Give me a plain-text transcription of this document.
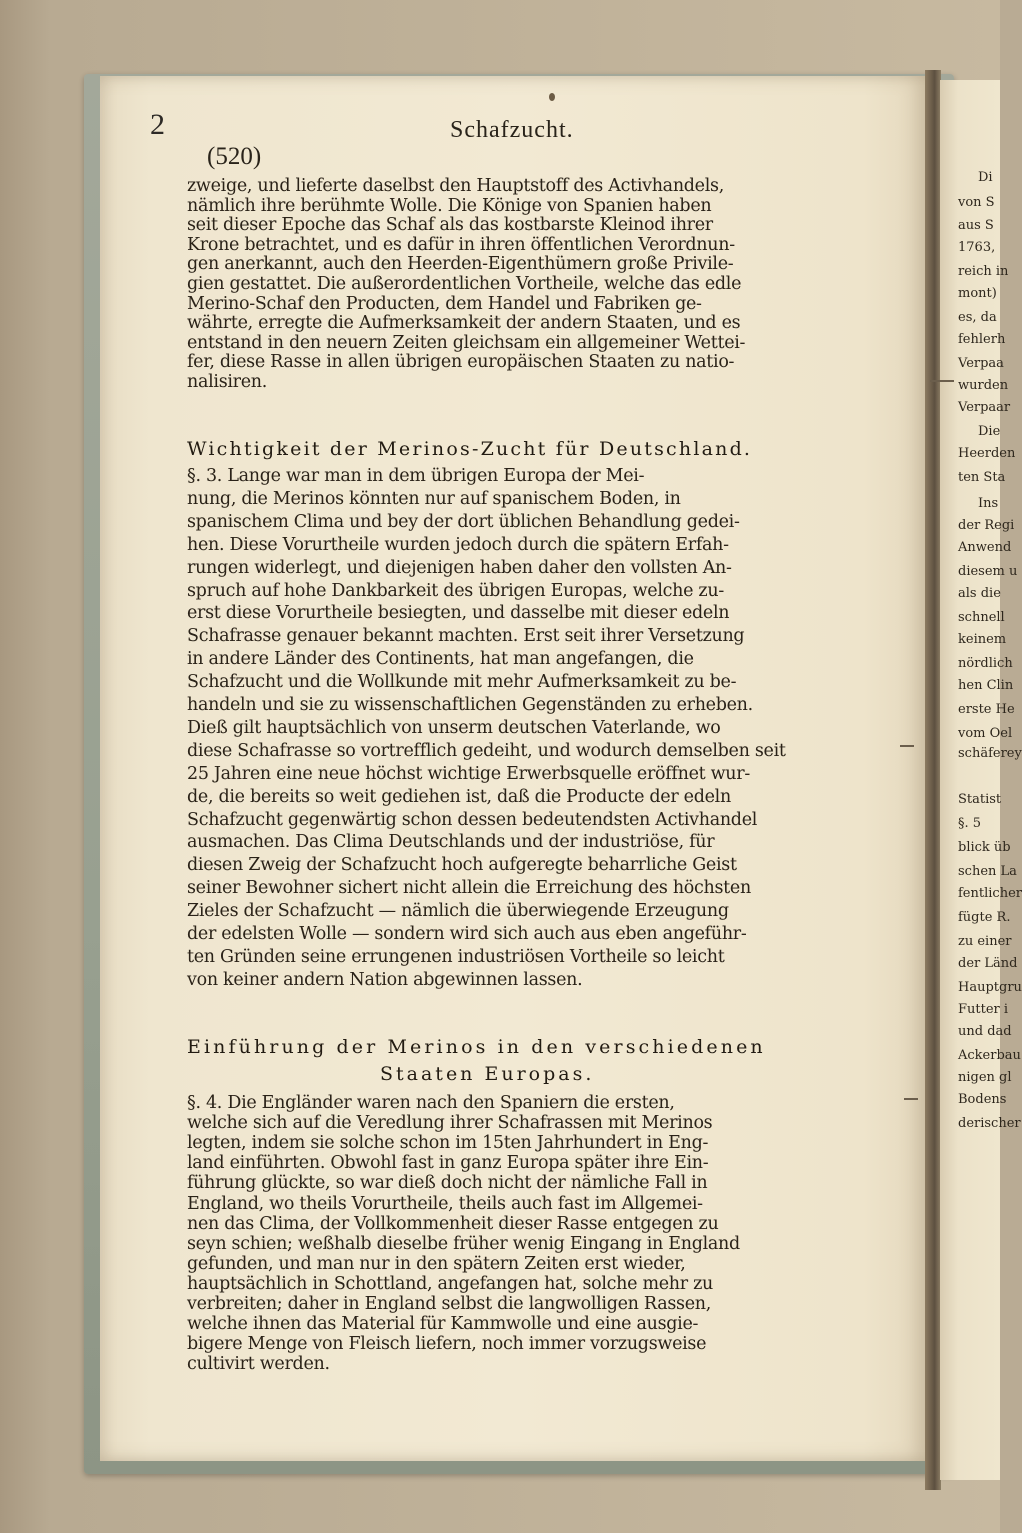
Di
von S
aus S
1763,
reich in
mont)
es, da
fehlerh
Verpaa
wurden
Verpaar
Die
Heerden
ten Sta
Ins
der Regi
Anwend
diesem u
als die
schnell
keinem
nördlich
hen Clin
erste He
vom Oel
schäferey
Statist
§. 5
blick üb
schen La
fentlicher
fügte R.
zu einer
der Länd
Hauptgru
Futter i
und dad
Ackerbau
nigen gl
Bodens
derischer
2	Schafzucht.
(520)
zweige, und lieferte daselbst den Hauptstoff des Activhandels,
nämlich ihre berühmte Wolle. Die Könige von Spanien haben
seit dieser Epoche das Schaf als das kostbarste Kleinod ihrer
Krone betrachtet, und es dafür in ihren öffentlichen Verordnun-
gen anerkannt, auch den Heerden-Eigenthümern große Privile-
gien gestattet. Die außerordentlichen Vortheile, welche das edle
Merino-Schaf den Producten, dem Handel und Fabriken ge-
währte, erregte die Aufmerksamkeit der andern Staaten, und es
entstand in den neuern Zeiten gleichsam ein allgemeiner Wettei-
fer, diese Rasse in allen übrigen europäischen Staaten zu natio-
nalisiren.
Wichtigkeit der Merinos-Zucht für Deutschland.
§. 3. Lange war man in dem übrigen Europa der Mei-
nung, die Merinos könnten nur auf spanischem Boden, in
spanischem Clima und bey der dort üblichen Behandlung gedei-
hen. Diese Vorurtheile wurden jedoch durch die spätern Erfah-
rungen widerlegt, und diejenigen haben daher den vollsten An-
spruch auf hohe Dankbarkeit des übrigen Europas, welche zu-
erst diese Vorurtheile besiegten, und dasselbe mit dieser edeln
Schafrasse genauer bekannt machten. Erst seit ihrer Versetzung
in andere Länder des Continents, hat man angefangen, die
Schafzucht und die Wollkunde mit mehr Aufmerksamkeit zu be-
handeln und sie zu wissenschaftlichen Gegenständen zu erheben.
Dieß gilt hauptsächlich von unserm deutschen Vaterlande, wo
diese Schafrasse so vortrefflich gedeiht, und wodurch demselben seit
25 Jahren eine neue höchst wichtige Erwerbsquelle eröffnet wur-
de, die bereits so weit gediehen ist, daß die Producte der edeln
Schafzucht gegenwärtig schon dessen bedeutendsten Activhandel
ausmachen. Das Clima Deutschlands und der industriöse, für
diesen Zweig der Schafzucht hoch aufgeregte beharrliche Geist
seiner Bewohner sichert nicht allein die Erreichung des höchsten
Zieles der Schafzucht — nämlich die überwiegende Erzeugung
der edelsten Wolle — sondern wird sich auch aus eben angeführ-
ten Gründen seine errungenen industriösen Vortheile so leicht
von keiner andern Nation abgewinnen lassen.
Einführung der Merinos in den verschiedenen
Staaten Europas.
§. 4. Die Engländer waren nach den Spaniern die ersten,
welche sich auf die Veredlung ihrer Schafrassen mit Merinos
legten, indem sie solche schon im 15ten Jahrhundert in Eng-
land einführten. Obwohl fast in ganz Europa später ihre Ein-
führung glückte, so war dieß doch nicht der nämliche Fall in
England, wo theils Vorurtheile, theils auch fast im Allgemei-
nen das Clima, der Vollkommenheit dieser Rasse entgegen zu
seyn schien; weßhalb dieselbe früher wenig Eingang in England
gefunden, und man nur in den spätern Zeiten erst wieder,
hauptsächlich in Schottland, angefangen hat, solche mehr zu
verbreiten; daher in England selbst die langwolligen Rassen,
welche ihnen das Material für Kammwolle und eine ausgie-
bigere Menge von Fleisch liefern, noch immer vorzugsweise
cultivirt werden.
